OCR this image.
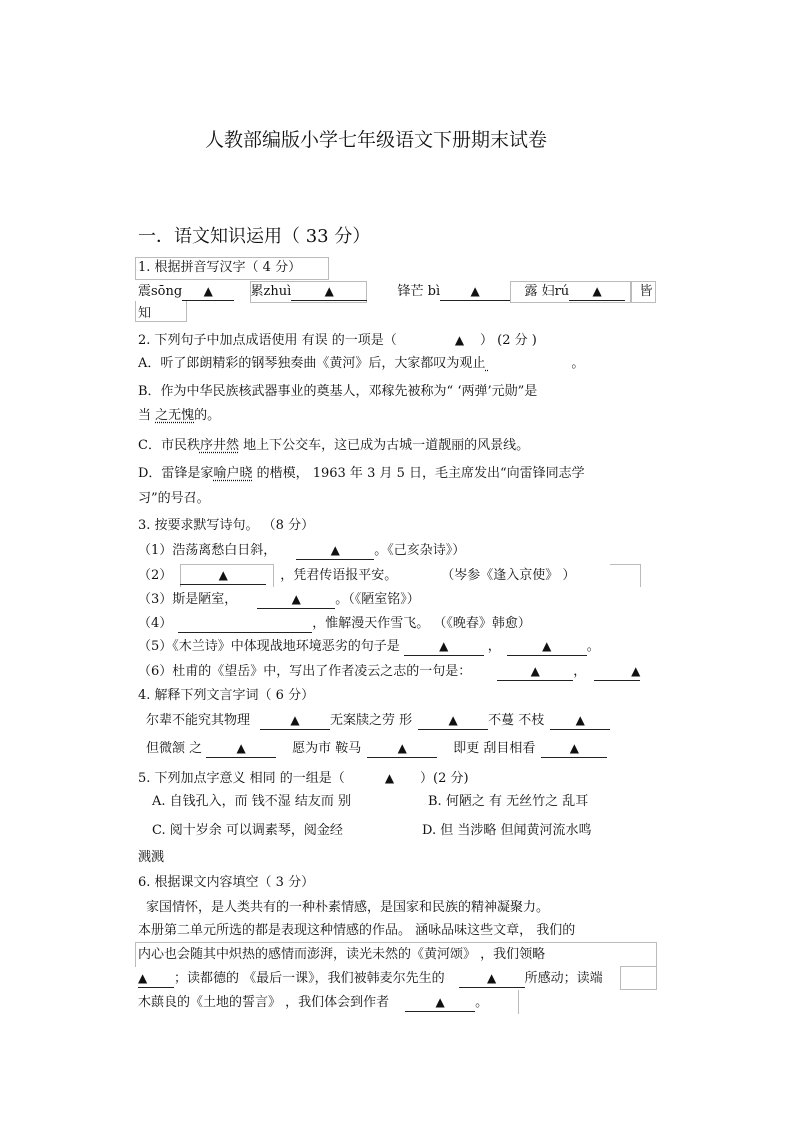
人教部编版小学七年级语文下册期末试卷
一．语文知识运用（ 33 分）
1. 根据拼音写汉字（ 4 分）
震sōng ▲	累zhuì	▲	锋芒 bì	▲	露 妇rú ▲	皆
知
2. 下列句子中加点成语使用 有误 的一项是（	▲ ） (2 分 )
A．听了郎朗精彩的钢琴独奏曲《黄河》后，大家都叹为观止	。
B．作为中华民族核武器事业的奠基人，邓稼先被称为“ ‘两弹’元勋”是
当 之无愧的。
C．市民秩序井然 地上下公交车，这已成为古城一道靓丽的风景线。
D．雷锋是家喻户晓 的楷模， 1963 年 3 月 5 日，毛主席发出“向雷锋同志学
习”的号召。
3. 按要求默写诗句。 （8 分）
（1）浩荡离愁白日斜，	▲	。《己亥杂诗》）
（2）	▲	，凭君传语报平安。	（岑参《逢入京使》 ）
（3）斯是陋室，	▲	。（《陋室铭》）
（4）	，惟解漫天作雪飞。 （《晚春》韩愈）
（5）《木兰诗》中体现战地环境恶劣的句子是	▲	，	▲	。
（6）杜甫的《望岳》中，写出了作者凌云之志的一句是：	▲	，	▲
4. 解释下列文言字词（ 6 分）
尔辈不能究其物理	▲ 无案牍之劳 形	▲ 不蔓 不枝	▲
但微颔 之	▲	愿为市 鞍马	▲	即更 刮目相看	▲
5. 下列加点字意义 相同 的一组是（	▲ ）(2 分)
A. 自钱孔入，而 钱不湿 结友而 别	B. 何陋之 有 无丝竹之 乱耳
C. 阅十岁余 可以调素琴，阅金经	D. 但 当涉略 但闻黄河流水鸣
溅溅
6. 根据课文内容填空（ 3 分）
家国情怀，是人类共有的一种朴素情感，是国家和民族的精神凝聚力。
本册第二单元所选的都是表现这种情感的作品。 涵咏品味这些文章， 我们的
内心也会随其中炽热的感情而澎湃，读光未然的《黄河颂》 ，我们领略
▲ ；读都德的 《最后一课》，我们被韩麦尔先生的	▲ 所感动；读端
木蕻良的《土地的誓言》 ，我们体会到作者	▲ 。
